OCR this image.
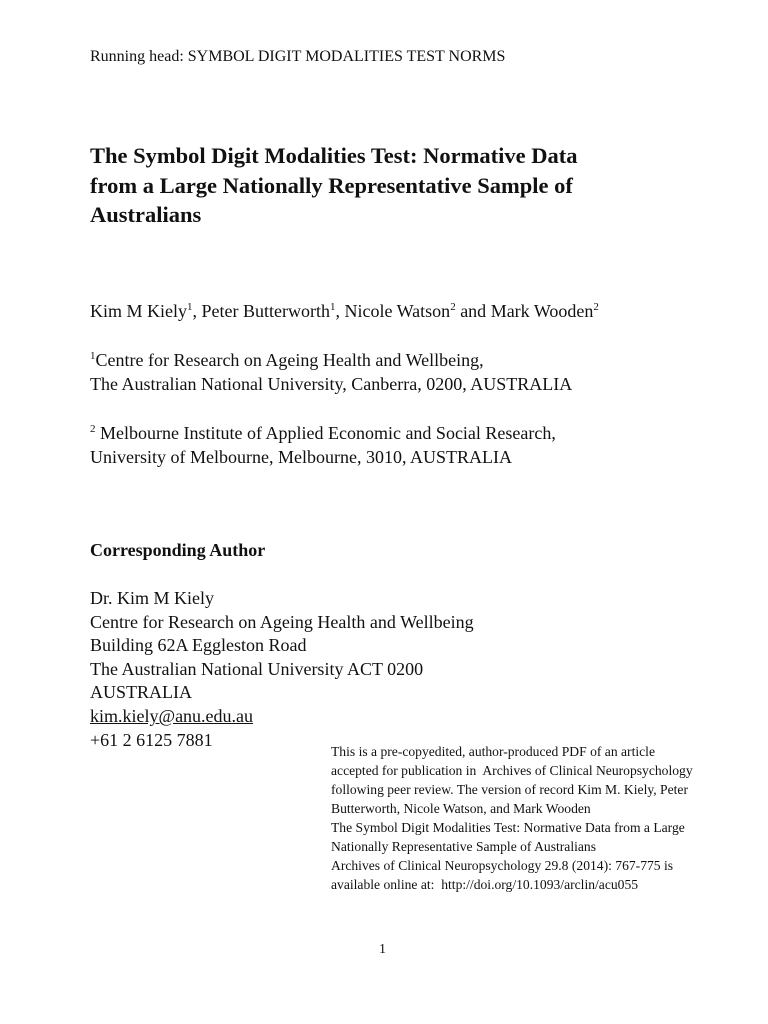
Running head: SYMBOL DIGIT MODALITIES TEST NORMS
The Symbol Digit Modalities Test: Normative Data
from a Large Nationally Representative Sample of
Australians
Kim M Kiely$^1$, Peter Butterworth$^1$, Nicole Watson$^2$ and Mark Wooden$^2$
$^1$Centre for Research on Ageing Health and Wellbeing,
The Australian National University, Canberra, 0200, AUSTRALIA
$^2$ Melbourne Institute of Applied Economic and Social Research,
University of Melbourne, Melbourne, 3010, AUSTRALIA
Corresponding Author
Dr. Kim M Kiely
Centre for Research on Ageing Health and Wellbeing
Building 62A Eggleston Road
The Australian National University ACT 0200
AUSTRALIA
kim.kiely@anu.edu.au
+61 2 6125 7881
This is a pre-copyedited, author-produced PDF of an article
accepted for publication in  Archives of Clinical Neuropsychology
following peer review. The version of record Kim M. Kiely, Peter
Butterworth, Nicole Watson, and Mark Wooden
The Symbol Digit Modalities Test: Normative Data from a Large
Nationally Representative Sample of Australians
Archives of Clinical Neuropsychology 29.8 (2014): 767-775 is
available online at:  http://doi.org/10.1093/arclin/acu055
1
